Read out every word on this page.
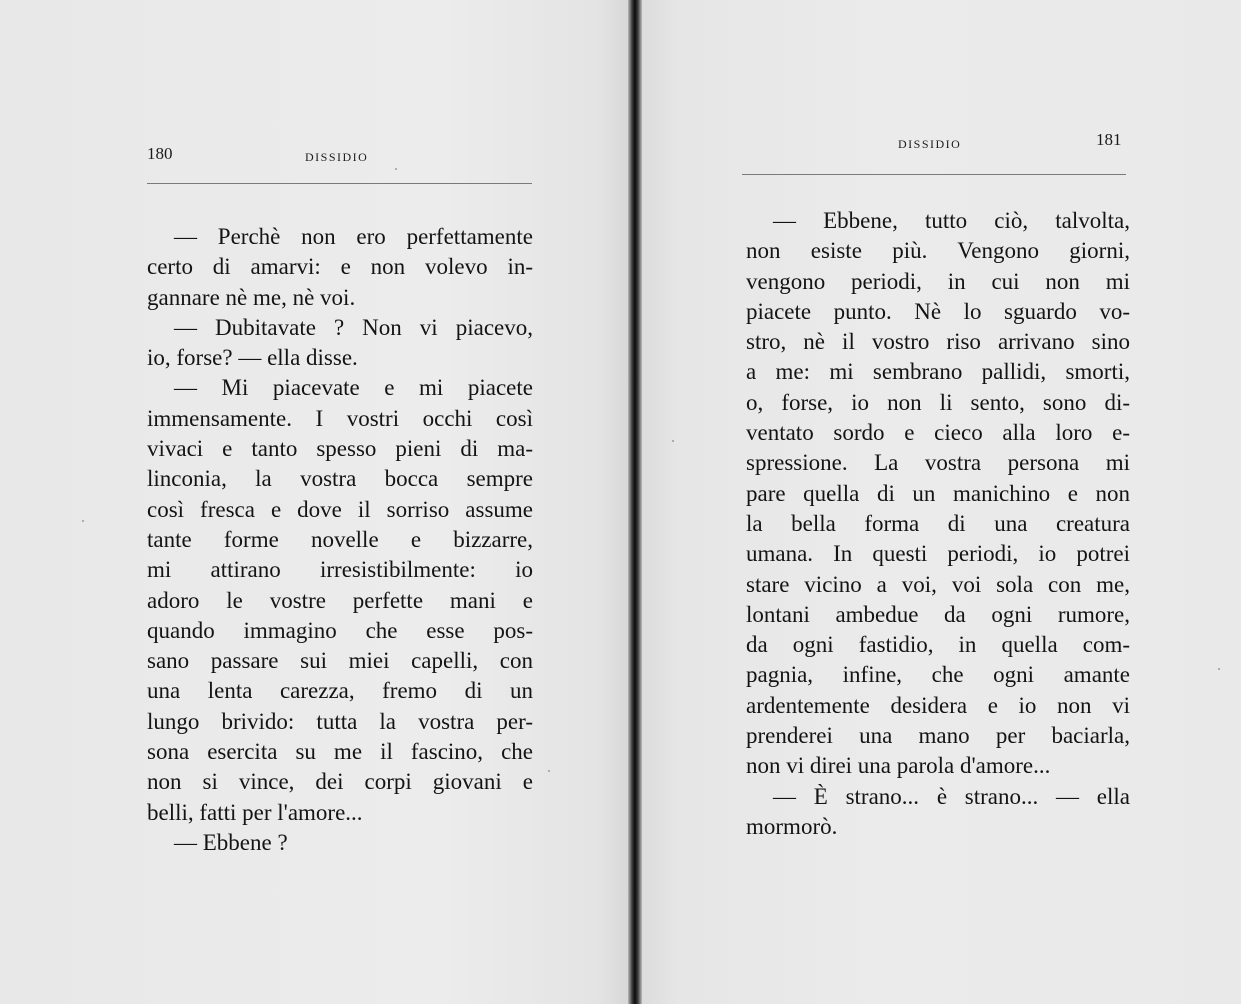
180	DISSIDIO
— Perchè non ero perfettamente
certo di amarvi: e non volevo in-
gannare nè me, nè voi.
— Dubitavate ? Non vi piacevo,
io, forse? — ella disse.
— Mi piacevate e mi piacete
immensamente. I vostri occhi così
vivaci e tanto spesso pieni di ma-
linconia, la vostra bocca sempre
così fresca e dove il sorriso assume
tante forme novelle e bizzarre,
mi attirano irresistibilmente: io
adoro le vostre perfette mani e
quando immagino che esse pos-
sano passare sui miei capelli, con
una lenta carezza, fremo di un
lungo brivido: tutta la vostra per-
sona esercita su me il fascino, che
non si vince, dei corpi giovani e
belli, fatti per l'amore...
— Ebbene ?
DISSIDIO	181
— Ebbene, tutto ciò, talvolta,
non esiste più. Vengono giorni,
vengono periodi, in cui non mi
piacete punto. Nè lo sguardo vo-
stro, nè il vostro riso arrivano sino
a me: mi sembrano pallidi, smorti,
o, forse, io non li sento, sono di-
ventato sordo e cieco alla loro e-
spressione. La vostra persona mi
pare quella di un manichino e non
la bella forma di una creatura
umana. In questi periodi, io potrei
stare vicino a voi, voi sola con me,
lontani ambedue da ogni rumore,
da ogni fastidio, in quella com-
pagnia, infine, che ogni amante
ardentemente desidera e io non vi
prenderei una mano per baciarla,
non vi direi una parola d'amore...
— È strano... è strano... — ella
mormorò.
